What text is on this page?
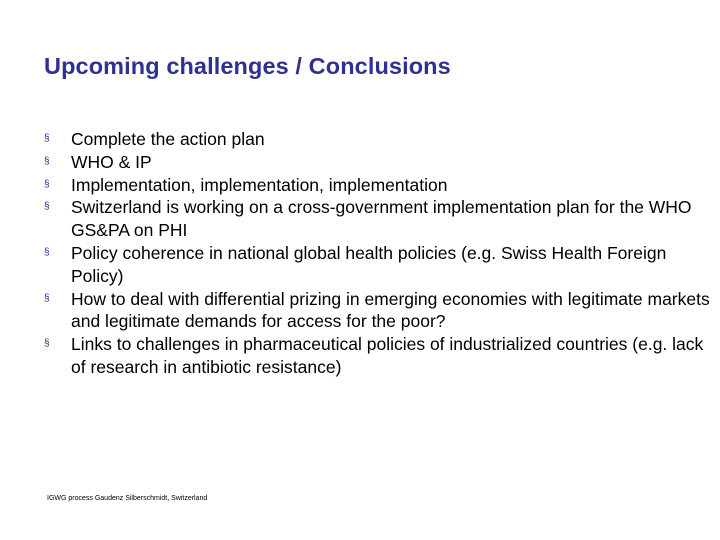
Upcoming challenges / Conclusions
§ Complete the action plan
§ WHO & IP
§ Implementation, implementation, implementation
§ Switzerland is working on a cross-government implementation plan for the WHO GS&PA on PHI
§ Policy coherence in national global health policies (e.g. Swiss Health Foreign Policy)
§ How to deal with differential prizing in emerging economies with legitimate markets and legitimate demands for access for the poor?
§ Links to challenges in pharmaceutical policies of industrialized countries (e.g. lack of research in antibiotic resistance)
IGWG process Gaudenz Silberschmidt, Switzerland
